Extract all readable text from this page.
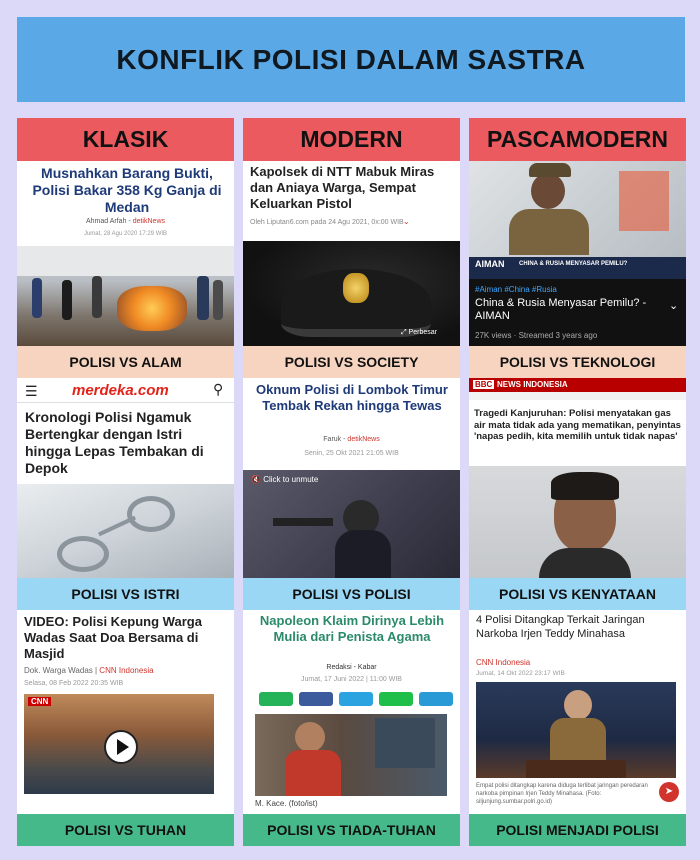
KONFLIK POLISI DALAM SASTRA
KLASIK
Musnahkan Barang Bukti, Polisi Bakar 358 Kg Ganja di Medan
Ahmad Arfah - detikNews
Jumat, 28 Agu 2020 17:29 WIB
POLISI VS ALAM
☰ merdeka.com	⚲
Kronologi Polisi Ngamuk Bertengkar dengan Istri hingga Lepas Tembakan di Depok
POLISI VS ISTRI
VIDEO: Polisi Kepung Warga Wadas Saat Doa Bersama di Masjid
Dok. Warga Wadas | CNN Indonesia
Selasa, 08 Feb 2022 20:35 WIB
CNN
POLISI VS TUHAN
MODERN
Kapolsek di NTT Mabuk Miras dan Aniaya Warga, Sempat Keluarkan Pistol
Oleh Liputan6.com pada 24 Agu 2021, 0x:00 WIB ⌄
⤢ Perbesar
POLISI VS SOCIETY
Oknum Polisi di Lombok Timur Tembak Rekan hingga Tewas
Faruk - detikNews
Senin, 25 Okt 2021 21:05 WIB
🔇 Click to unmute
POLISI VS POLISI
Napoleon Klaim Dirinya Lebih Mulia dari Penista Agama
Redaksi - Kabar
Jumat, 17 Juni 2022 | 11:00 WIB
M. Kace. (foto/ist)
POLISI VS TIADA-TUHAN
PASCAMODERN
AIMAN CHINA & RUSIA MENYASAR PEMILU?
#Aiman #China #Rusia
China & Rusia Menyasar Pemilu? - AIMAN
⌄
27K views · Streamed 3 years ago
POLISI VS TEKNOLOGI
BBC NEWS INDONESIA
Tragedi Kanjuruhan: Polisi menyatakan gas air mata tidak ada yang mematikan, penyintas 'napas pedih, kita memilih untuk tidak napas'
POLISI VS KENYATAAN
4 Polisi Ditangkap Terkait Jaringan Narkoba Irjen Teddy Minahasa
CNN Indonesia
Jumat, 14 Okt 2022 23:17 WIB
Empat polisi ditangkap karena diduga terlibat jaringan peredaran narkoba pimpinan Irjen Teddy Minahasa. (Foto: siljunjung.sumbar.polri.go.id)
➤
POLISI MENJADI POLISI
